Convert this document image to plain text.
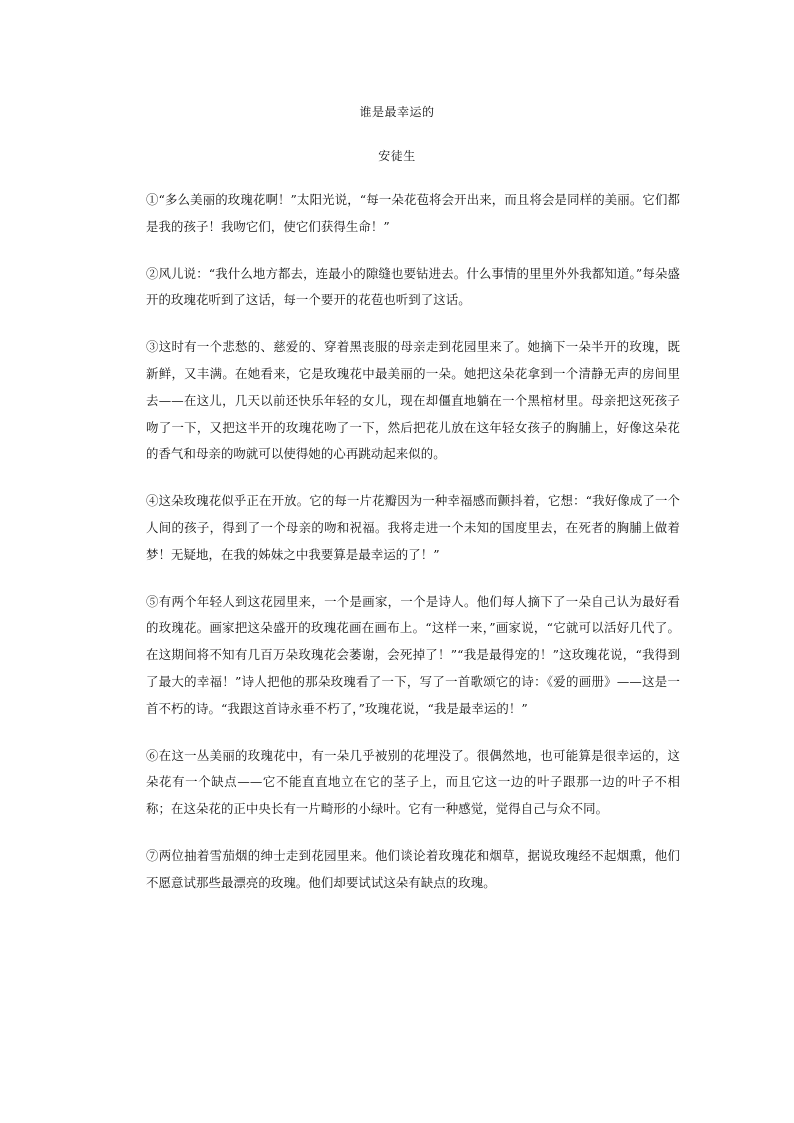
谁是最幸运的
安徒生

①“多么美丽的玫瑰花啊！”太阳光说，“每一朵花苞将会开出来，而且将会是同样的美丽。它们都是我的孩子！我吻它们，使它们获得生命！”

②风儿说：“我什么地方都去，连最小的隙缝也要钻进去。什么事情的里里外外我都知道。”每朵盛开的玫瑰花听到了这话，每一个要开的花苞也听到了这话。

③这时有一个悲愁的、慈爱的、穿着黑丧服的母亲走到花园里来了。她摘下一朵半开的玫瑰，既新鲜，又丰满。在她看来，它是玫瑰花中最美丽的一朵。她把这朵花拿到一个清静无声的房间里去——在这儿，几天以前还快乐年轻的女儿，现在却僵直地躺在一个黑棺材里。母亲把这死孩子吻了一下，又把这半开的玫瑰花吻了一下，然后把花儿放在这年轻女孩子的胸脯上，好像这朵花的香气和母亲的吻就可以使得她的心再跳动起来似的。

④这朵玫瑰花似乎正在开放。它的每一片花瓣因为一种幸福感而颤抖着，它想：“我好像成了一个人间的孩子，得到了一个母亲的吻和祝福。我将走进一个未知的国度里去，在死者的胸脯上做着梦！无疑地，在我的姊妹之中我要算是最幸运的了！”

⑤有两个年轻人到这花园里来，一个是画家，一个是诗人。他们每人摘下了一朵自己认为最好看的玫瑰花。画家把这朵盛开的玫瑰花画在画布上。“这样一来，”画家说，“它就可以活好几代了。在这期间将不知有几百万朵玫瑰花会萎谢，会死掉了！”“我是最得宠的！”这玫瑰花说，“我得到了最大的幸福！”诗人把他的那朵玫瑰看了一下，写了一首歌颂它的诗：《爱的画册》——这是一首不朽的诗。“我跟这首诗永垂不朽了，”玫瑰花说，“我是最幸运的！”

⑥在这一丛美丽的玫瑰花中，有一朵几乎被别的花埋没了。很偶然地，也可能算是很幸运的，这朵花有一个缺点——它不能直直地立在它的茎子上，而且它这一边的叶子跟那一边的叶子不相称；在这朵花的正中央长有一片畸形的小绿叶。它有一种感觉，觉得自己与众不同。

⑦两位抽着雪茄烟的绅士走到花园里来。他们谈论着玫瑰花和烟草，据说玫瑰经不起烟熏，他们不愿意试那些最漂亮的玫瑰。他们却要试试这朵有缺点的玫瑰。
